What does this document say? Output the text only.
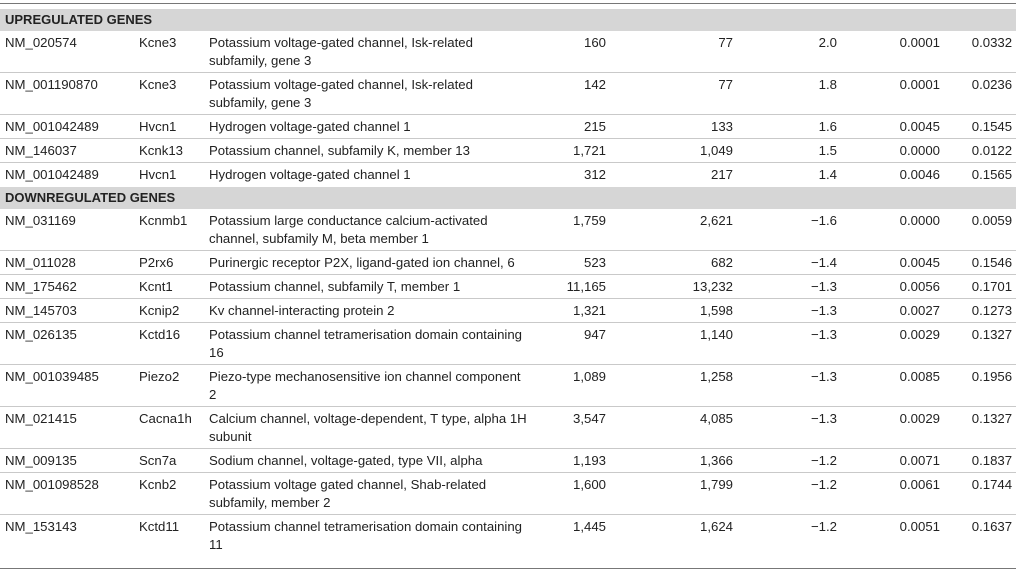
UPREGULATED GENES							
NM_020574	Kcne3	Potassium voltage-gated channel, Isk-related subfamily, gene 3	160	77	2.0	0.0001	0.0332
NM_001190870	Kcne3	Potassium voltage-gated channel, Isk-related subfamily, gene 3	142	77	1.8	0.0001	0.0236
NM_001042489	Hvcn1	Hydrogen voltage-gated channel 1	215	133	1.6	0.0045	0.1545
NM_146037	Kcnk13	Potassium channel, subfamily K, member 13	1,721	1,049	1.5	0.0000	0.0122
NM_001042489	Hvcn1	Hydrogen voltage-gated channel 1	312	217	1.4	0.0046	0.1565
DOWNREGULATED GENES							
NM_031169	Kcnmb1	Potassium large conductance calcium-activated channel, subfamily M, beta member 1	1,759	2,621	−1.6	0.0000	0.0059
NM_011028	P2rx6	Purinergic receptor P2X, ligand-gated ion channel, 6	523	682	−1.4	0.0045	0.1546
NM_175462	Kcnt1	Potassium channel, subfamily T, member 1	11,165	13,232	−1.3	0.0056	0.1701
NM_145703	Kcnip2	Kv channel-interacting protein 2	1,321	1,598	−1.3	0.0027	0.1273
NM_026135	Kctd16	Potassium channel tetramerisation domain containing 16	947	1,140	−1.3	0.0029	0.1327
NM_001039485	Piezo2	Piezo-type mechanosensitive ion channel component 2	1,089	1,258	−1.3	0.0085	0.1956
NM_021415	Cacna1h	Calcium channel, voltage-dependent, T type, alpha 1H subunit	3,547	4,085	−1.3	0.0029	0.1327
NM_009135	Scn7a	Sodium channel, voltage-gated, type VII, alpha	1,193	1,366	−1.2	0.0071	0.1837
NM_001098528	Kcnb2	Potassium voltage gated channel, Shab-related subfamily, member 2	1,600	1,799	−1.2	0.0061	0.1744
NM_153143	Kctd11	Potassium channel tetramerisation domain containing 11	1,445	1,624	−1.2	0.0051	0.1637
